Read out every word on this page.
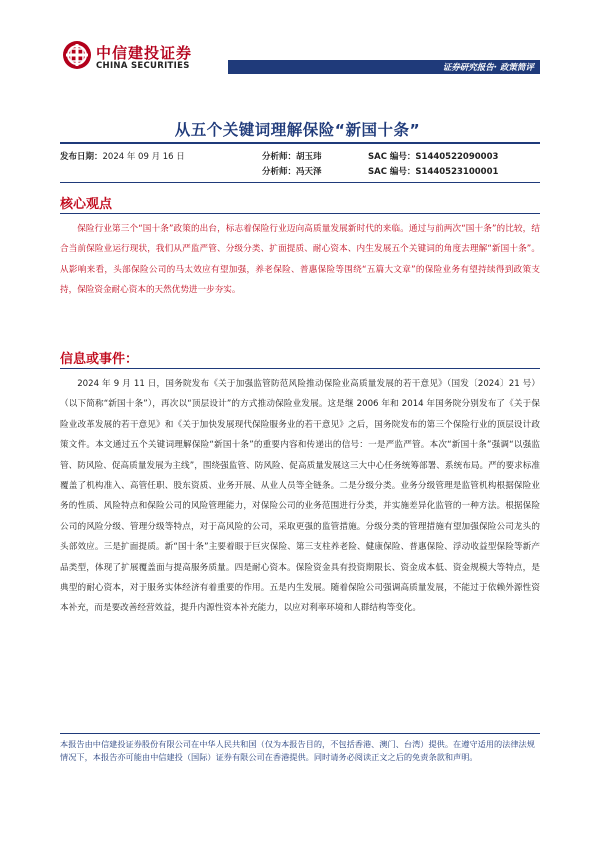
中信建投证券
CHINA SECURITIES	证券研究报告· 政策简评
从五个关键词理解保险“新国十条”
发布日期：2024 年 09 月 16 日	分析师：胡玉玮	SAC 编号：S1440522090003
分析师：冯天泽	SAC 编号：S1440523100001
核心观点
保险行业第三个“国十条”政策的出台，标志着保险行业迈向高质量发展新时代的来临。通过与前两次“国十条”的比较，结合当前保险业运行现状，我们从严监严管、分级分类、扩面提质、耐心资本、内生发展五个关键词的角度去理解“新国十条”。从影响来看，头部保险公司的马太效应有望加强，养老保险、普惠保险等围绕“五篇大文章”的保险业务有望持续得到政策支持，保险资金耐心资本的天然优势进一步夯实。
信息或事件：
2024 年 9 月 11 日，国务院发布《关于加强监管防范风险推动保险业高质量发展的若干意见》（国发〔2024〕21 号）（以下简称“新国十条”），再次以“顶层设计”的方式推动保险业发展。这是继 2006 年和 2014 年国务院分别发布了《关于保险业改革发展的若干意见》和《关于加快发展现代保险服务业的若干意见》之后，国务院发布的第三个保险行业的顶层设计政策文件。本文通过五个关键词理解保险“新国十条”的重要内容和传递出的信号：一是严监严管。本次“新国十条”强调“以强监管、防风险、促高质量发展为主线”，围绕强监管、防风险、促高质量发展这三大中心任务统筹部署、系统布局。严的要求标准覆盖了机构准入、高管任职、股东资质、业务开展、从业人员等全链条。二是分级分类。业务分级管理是监管机构根据保险业务的性质、风险特点和保险公司的风险管理能力，对保险公司的业务范围进行分类，并实施差异化监管的一种方法。根据保险公司的风险分级、管理分级等特点，对于高风险的公司，采取更强的监管措施。分级分类的管理措施有望加强保险公司龙头的头部效应。三是扩面提质。新“国十条”主要着眼于巨灾保险、第三支柱养老险、健康保险、普惠保险、浮动收益型保险等新产品类型，体现了扩展覆盖面与提高服务质量。四是耐心资本。保险资金具有投资期限长、资金成本低、资金规模大等特点，是典型的耐心资本，对于服务实体经济有着重要的作用。五是内生发展。随着保险公司强调高质量发展，不能过于依赖外源性资本补充，而是要改善经营效益，提升内源性资本补充能力，以应对利率环境和人群结构等变化。
本报告由中信建投证券股份有限公司在中华人民共和国（仅为本报告目的，不包括香港、澳门、台湾）提供。在遵守适用的法律法规情况下，本报告亦可能由中信建投（国际）证券有限公司在香港提供。同时请务必阅读正文之后的免责条款和声明。
